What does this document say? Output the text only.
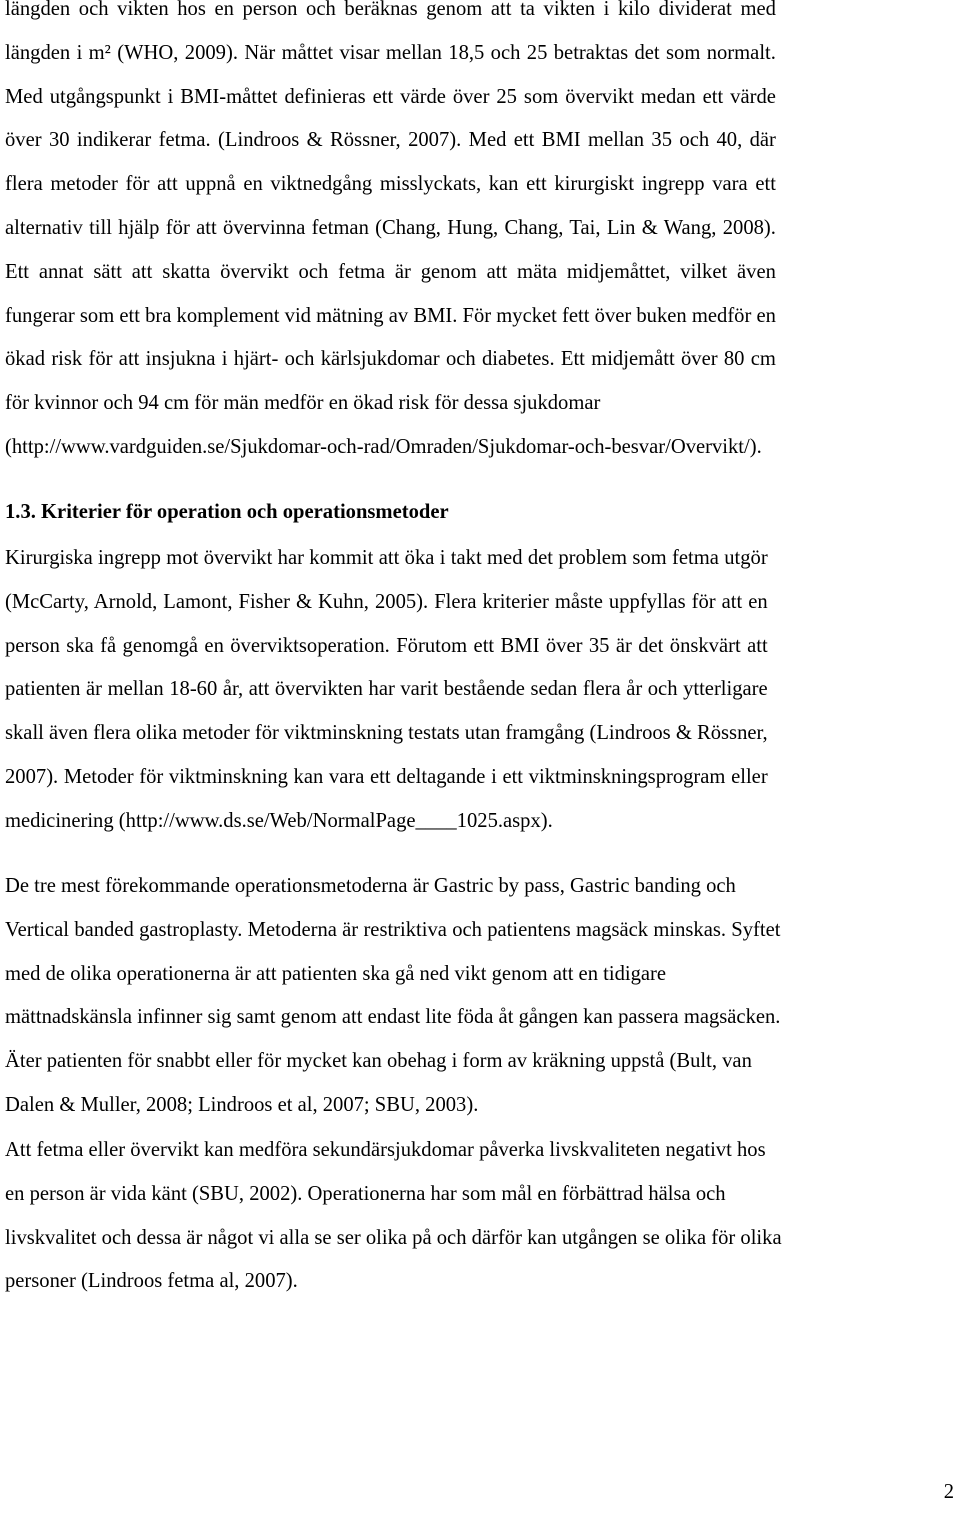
längden och vikten hos en person och beräknas genom att ta vikten i kilo dividerat med
längden i m² (WHO, 2009). När måttet visar mellan 18,5 och 25 betraktas det som normalt.
Med utgångspunkt i BMI-måttet definieras ett värde över 25 som övervikt medan ett värde
över 30 indikerar fetma. (Lindroos & Rössner, 2007). Med ett BMI mellan 35 och 40, där
flera metoder för att uppnå en viktnedgång misslyckats, kan ett kirurgiskt ingrepp vara ett
alternativ till hjälp för att övervinna fetman (Chang, Hung, Chang, Tai, Lin & Wang, 2008).
Ett annat sätt att skatta övervikt och fetma är genom att mäta midjemåttet, vilket även
fungerar som ett bra komplement vid mätning av BMI. För mycket fett över buken medför en
ökad risk för att insjukna i hjärt- och kärlsjukdomar och diabetes. Ett midjemått över 80 cm
för kvinnor och 94 cm för män medför en ökad risk för dessa sjukdomar
(http://www.vardguiden.se/Sjukdomar-och-rad/Omraden/Sjukdomar-och-besvar/Overvikt/).
1.3. Kriterier för operation och operationsmetoder
Kirurgiska ingrepp mot övervikt har kommit att öka i takt med det problem som fetma utgör
(McCarty, Arnold, Lamont, Fisher & Kuhn, 2005). Flera kriterier måste uppfyllas för att en
person ska få genomgå en överviktsoperation. Förutom ett BMI över 35 är det önskvärt att
patienten är mellan 18-60 år, att övervikten har varit bestående sedan flera år och ytterligare
skall även flera olika metoder för viktminskning testats utan framgång (Lindroos & Rössner,
2007). Metoder för viktminskning kan vara ett deltagande i ett viktminskningsprogram eller
medicinering (http://www.ds.se/Web/NormalPage____1025.aspx).
De tre mest förekommande operationsmetoderna är Gastric by pass, Gastric banding och
Vertical banded gastroplasty. Metoderna är restriktiva och patientens magsäck minskas. Syftet
med de olika operationerna är att patienten ska gå ned vikt genom att en tidigare
mättnadskänsla infinner sig samt genom att endast lite föda åt gången kan passera magsäcken.
Äter patienten för snabbt eller för mycket kan obehag i form av kräkning uppstå (Bult, van
Dalen & Muller, 2008; Lindroos et al, 2007; SBU, 2003).
Att fetma eller övervikt kan medföra sekundärsjukdomar påverka livskvaliteten negativt hos
en person är vida känt (SBU, 2002). Operationerna har som mål en förbättrad hälsa och
livskvalitet och dessa är något vi alla se ser olika på och därför kan utgången se olika för olika
personer (Lindroos fetma al, 2007).
2
